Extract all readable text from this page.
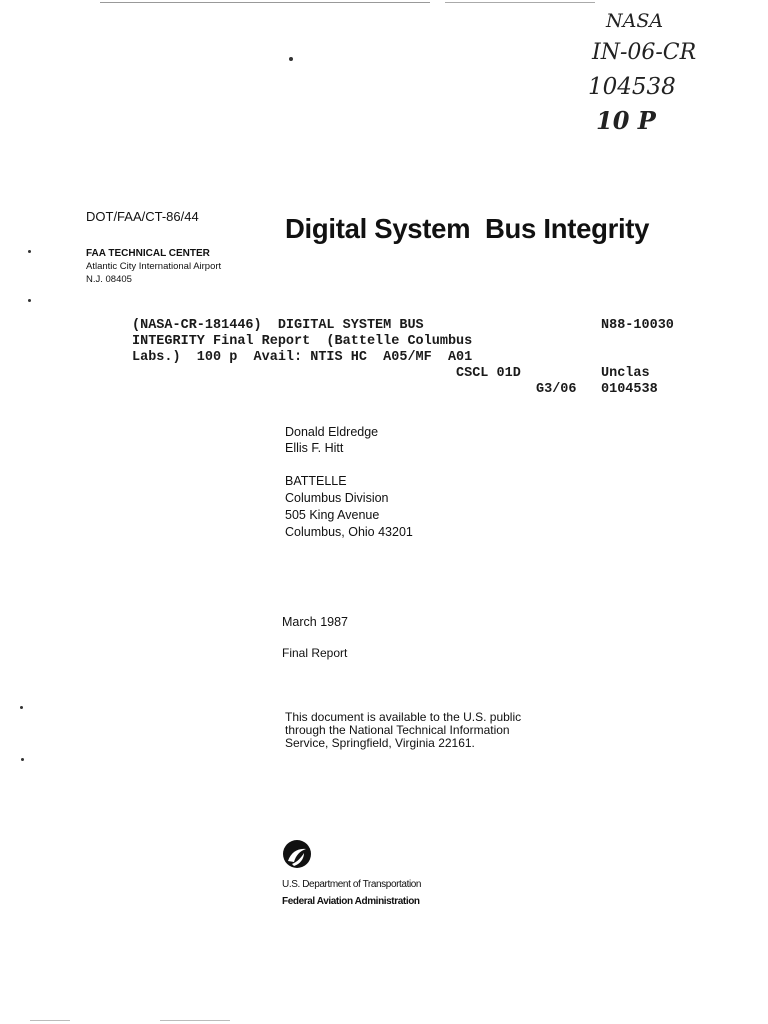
NASA
IN-06-CR
104538
10 P
DOT/FAA/CT-86/44	Digital System  Bus Integrity
FAA TECHNICAL CENTER
Atlantic City International Airport
N.J. 08405
(NASA-CR-181446)  DIGITAL SYSTEM BUS
INTEGRITY Final Report  (Battelle Columbus
Labs.)  100 p  Avail: NTIS HC  A05/MF  A01
CSCL 01D
G3/06
N88-10030
Unclas
0104538
Donald Eldredge
Ellis F. Hitt
BATTELLE
Columbus Division
505 King Avenue
Columbus, Ohio 43201
March 1987
Final Report
This document is available to the U.S. public
through the National Technical Information
Service, Springfield, Virginia 22161.
U.S. Department of Transportation
Federal Aviation Administration
